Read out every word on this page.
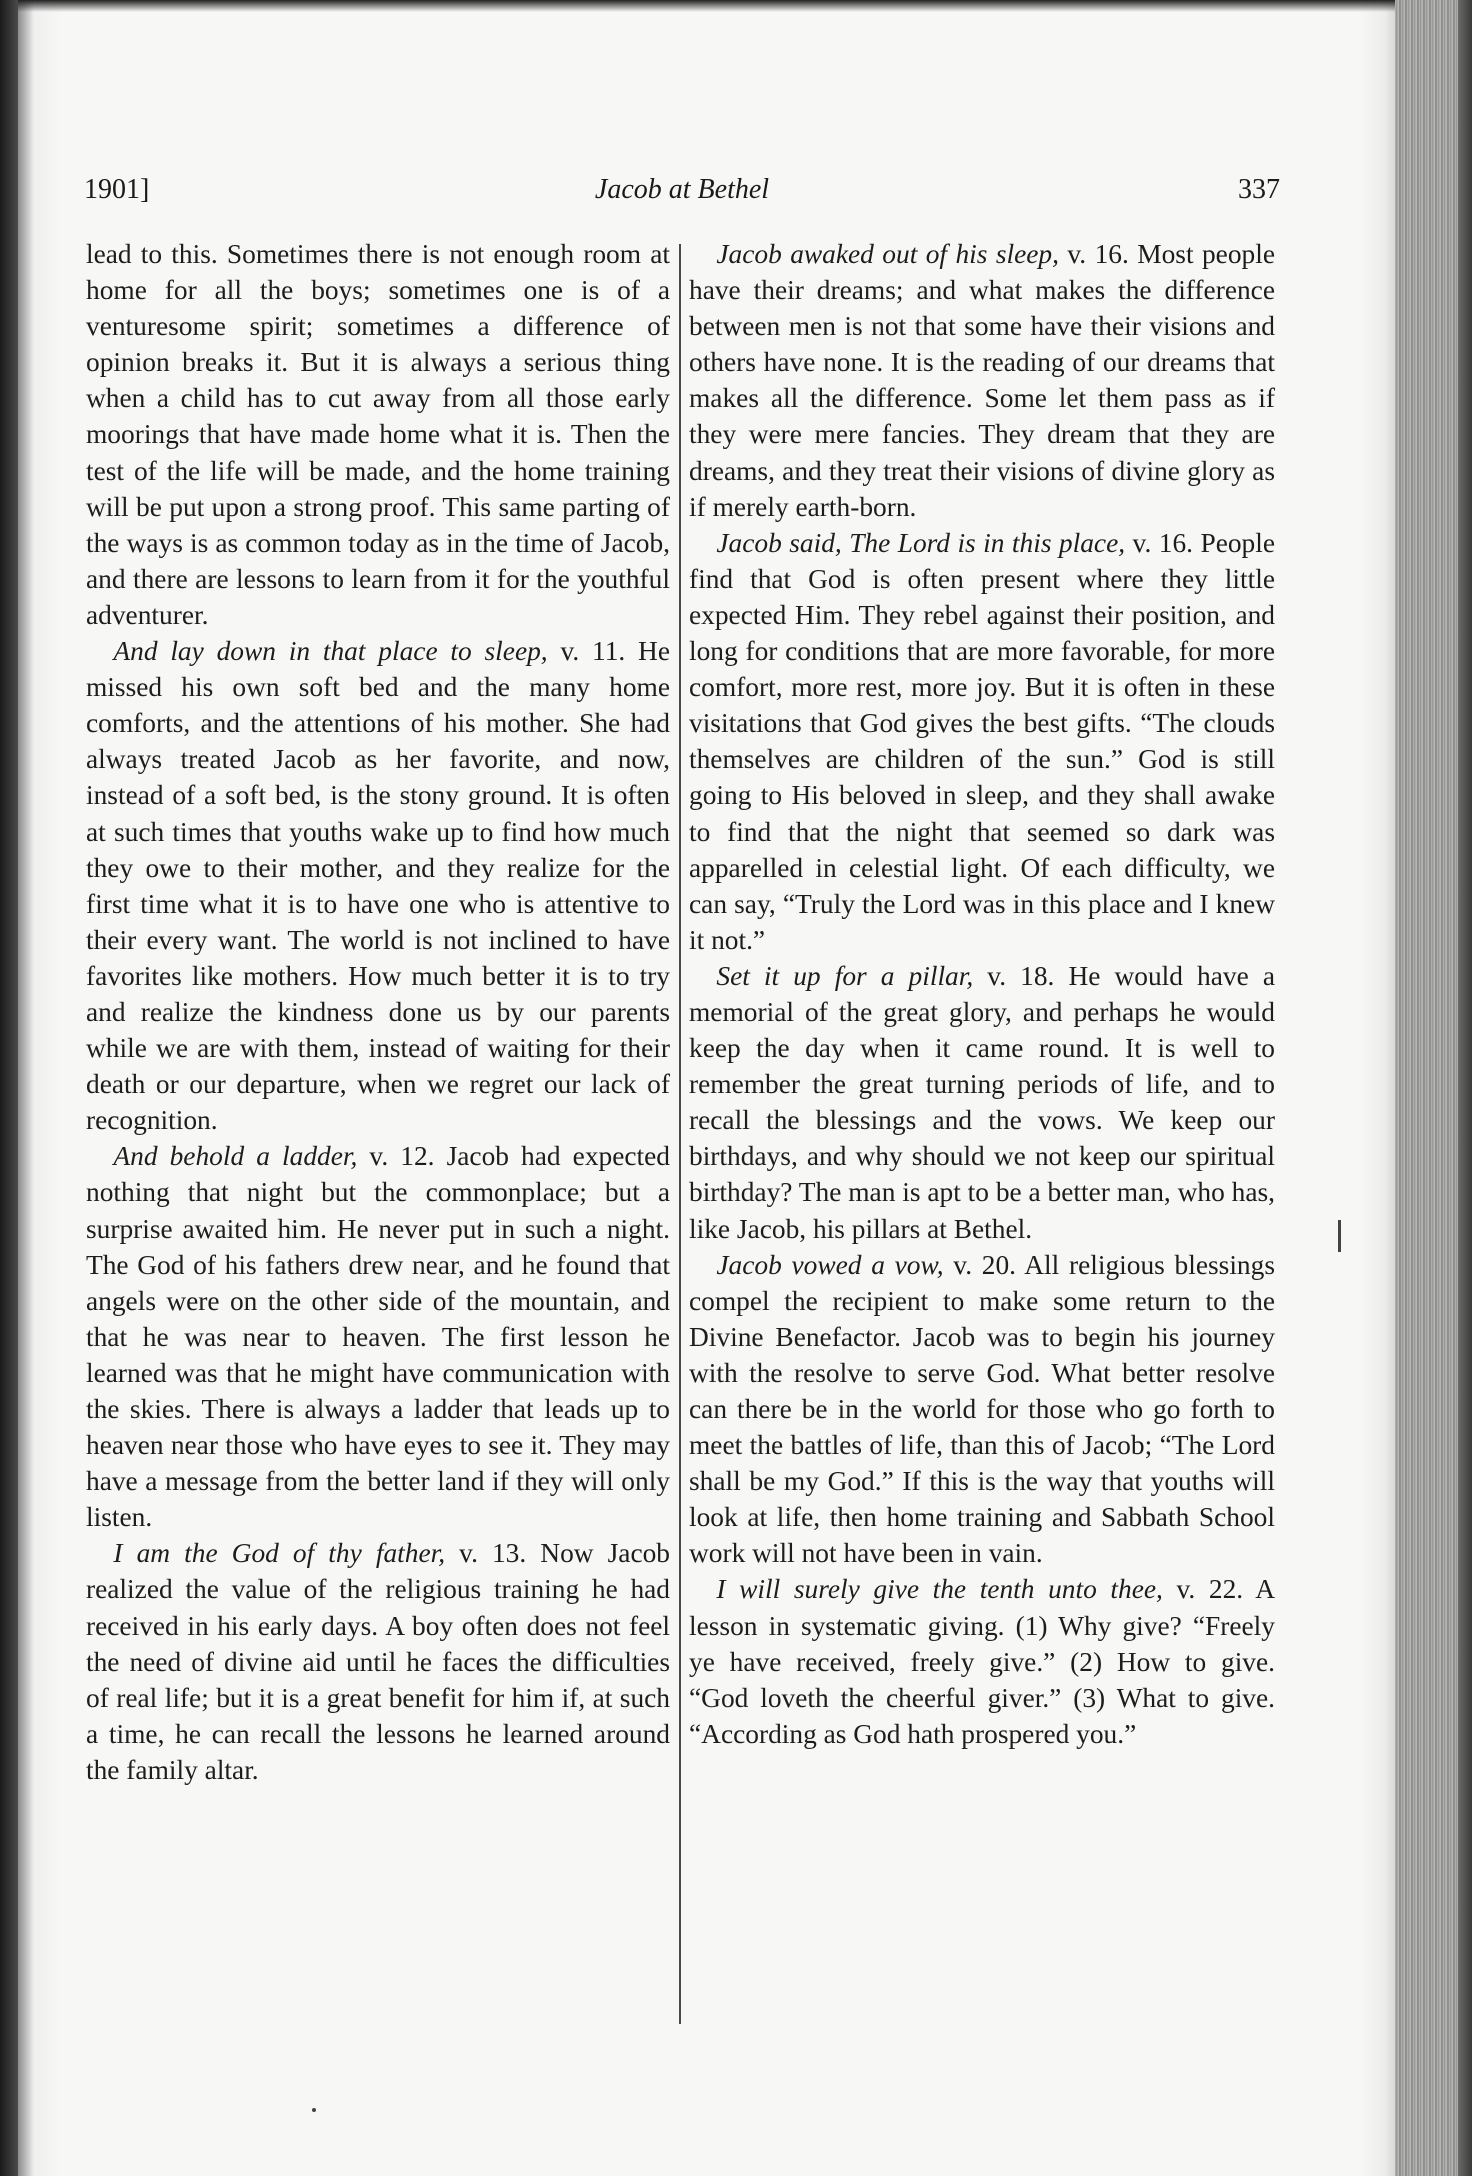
1901]	Jacob at Bethel	337

lead to this. Sometimes there is not enough room at home for all the boys; sometimes one is of a venturesome spirit; sometimes a difference of opinion breaks it. But it is always a serious thing when a child has to cut away from all those early moorings that have made home what it is. Then the test of the life will be made, and the home training will be put upon a strong proof. This same parting of the ways is as common today as in the time of Jacob, and there are lessons to learn from it for the youthful adventurer.

 And lay down in that place to sleep, v. 11. He missed his own soft bed and the many home comforts, and the attentions of his mother. She had always treated Jacob as her favorite, and now, instead of a soft bed, is the stony ground. It is often at such times that youths wake up to find how much they owe to their mother, and they realize for the first time what it is to have one who is attentive to their every want. The world is not inclined to have favorites like mothers. How much better it is to try and realize the kindness done us by our parents while we are with them, instead of waiting for their death or our departure, when we regret our lack of recognition.

 And behold a ladder, v. 12. Jacob had expected nothing that night but the commonplace; but a surprise awaited him. He never put in such a night. The God of his fathers drew near, and he found that angels were on the other side of the mountain, and that he was near to heaven. The first lesson he learned was that he might have communication with the skies. There is always a ladder that leads up to heaven near those who have eyes to see it. They may have a message from the better land if they will only listen.

 I am the God of thy father, v. 13. Now Jacob realized the value of the religious training he had received in his early days. A boy often does not feel the need of divine aid until he faces the difficulties of real life; but it is a great benefit for him if, at such a time, he can recall the lessons he learned around the family altar.

 Jacob awaked out of his sleep, v. 16. Most people have their dreams; and what makes the difference between men is not that some have their visions and others have none. It is the reading of our dreams that makes all the difference. Some let them pass as if they were mere fancies. They dream that they are dreams, and they treat their visions of divine glory as if merely earth-born.

 Jacob said, The Lord is in this place, v. 16. People find that God is often present where they little expected Him. They rebel against their position, and long for conditions that are more favorable, for more comfort, more rest, more joy. But it is often in these visitations that God gives the best gifts. “The clouds themselves are children of the sun.” God is still going to His beloved in sleep, and they shall awake to find that the night that seemed so dark was apparelled in celestial light. Of each difficulty, we can say, “Truly the Lord was in this place and I knew it not.”

 Set it up for a pillar, v. 18. He would have a memorial of the great glory, and perhaps he would keep the day when it came round. It is well to remember the great turning periods of life, and to recall the blessings and the vows. We keep our birthdays, and why should we not keep our spiritual birthday? The man is apt to be a better man, who has, like Jacob, his pillars at Bethel.

 Jacob vowed a vow, v. 20. All religious blessings compel the recipient to make some return to the Divine Benefactor. Jacob was to begin his journey with the resolve to serve God. What better resolve can there be in the world for those who go forth to meet the battles of life, than this of Jacob; “The Lord shall be my God.” If this is the way that youths will look at life, then home training and Sabbath School work will not have been in vain.

 I will surely give the tenth unto thee, v. 22. A lesson in systematic giving. (1) Why give? “Freely ye have received, freely give.” (2) How to give. “God loveth the cheerful giver.” (3) What to give. “According as God hath prospered you.”
